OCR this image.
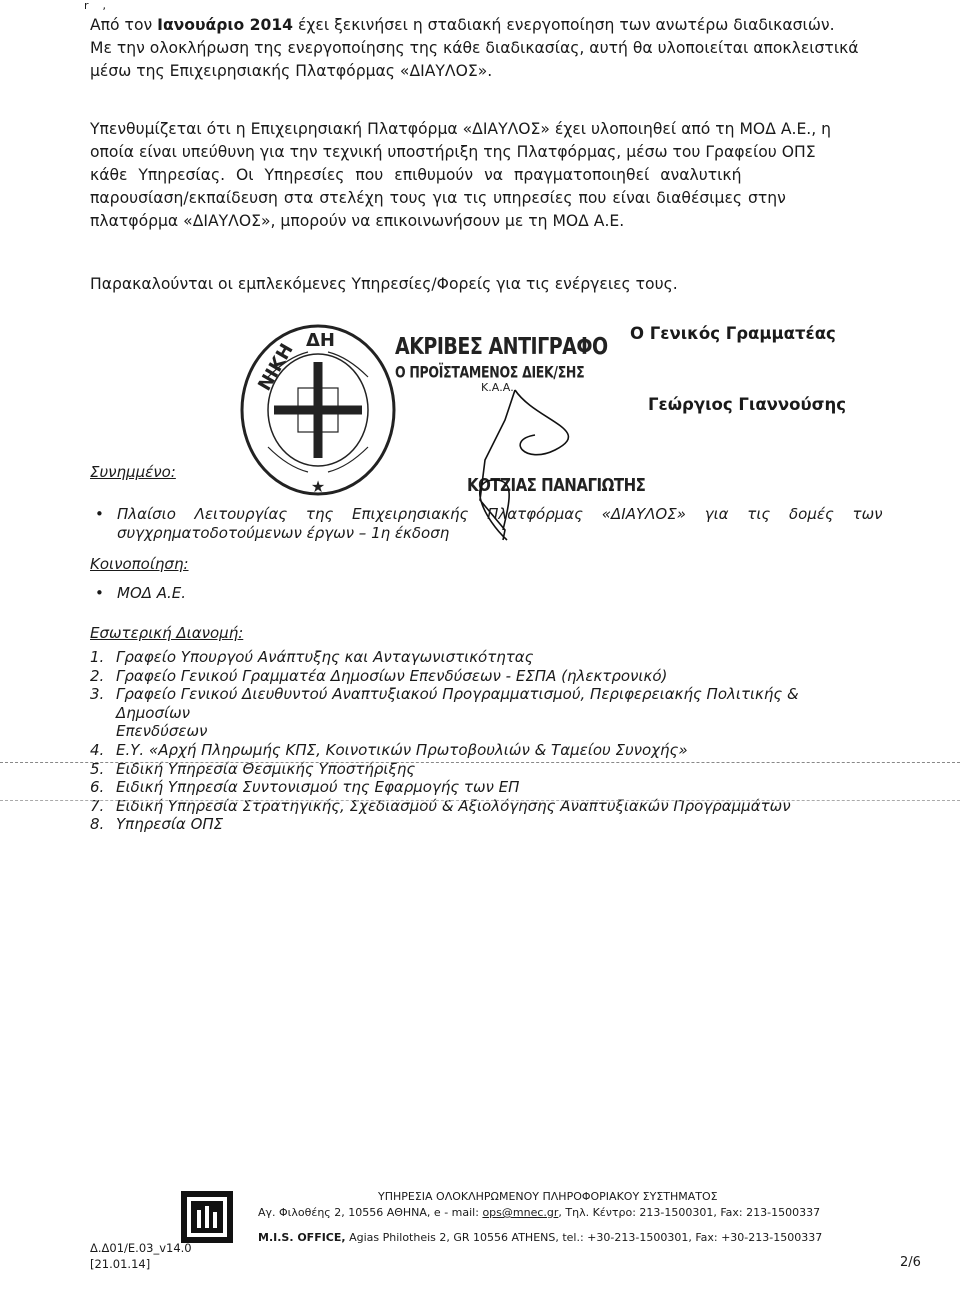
r    ,
Από τον Ιανουάριο 2014 έχει ξεκινήσει η σταδιακή ενεργοποίηση των ανωτέρω διαδικασιών.
Με την ολοκλήρωση της ενεργοποίησης της κάθε διαδικασίας, αυτή θα υλοποιείται αποκλειστικά
μέσω της Επιχειρησιακής Πλατφόρμας «ΔΙΑΥΛΟΣ».
Υπενθυμίζεται ότι η Επιχειρησιακή Πλατφόρμα «ΔΙΑΥΛΟΣ» έχει υλοποιηθεί από τη ΜΟΔ Α.Ε., η
οποία είναι υπεύθυνη για την τεχνική υποστήριξη της Πλατφόρμας, μέσω του Γραφείου ΟΠΣ
κάθε Υπηρεσίας. Οι Υπηρεσίες που επιθυμούν να πραγματοποιηθεί αναλυτική
παρουσίαση/εκπαίδευση στα στελέχη τους για τις υπηρεσίες που είναι διαθέσιμες στην
πλατφόρμα «ΔΙΑΥΛΟΣ», μπορούν να επικοινωνήσουν με τη ΜΟΔ Α.Ε.
Παρακαλούνται οι εμπλεκόμενες Υπηρεσίες/Φορείς για τις ενέργειες τους.
★
ΝΙΚΗ ΔΗ	ΑΚΡΙΒΕΣ ΑΝΤΙΓΡΑΦΟ
Ο ΠΡΟΪΣΤΑΜΕΝΟΣ ΔΙΕΚ/ΣΗΣ
Κ.Α.Α.
ΚΟΤΖΙΑΣ ΠΑΝΑΓΙΩΤΗΣ
Ο Γενικός Γραμματέας
Γεώργιος Γιαννούσης
Συνημμένο:
• Πλαίσιο Λειτουργίας της Επιχειρησιακής Πλατφόρμας «ΔΙΑΥΛΟΣ» για τις δομές των
συγχρηματοδοτούμενων έργων – 1η έκδοση
Κοινοποίηση:
• ΜΟΔ Α.Ε.
Εσωτερική Διανομή:
1. Γραφείο Υπουργού Ανάπτυξης και Ανταγωνιστικότητας
2. Γραφείο Γενικού Γραμματέα Δημοσίων Επενδύσεων - ΕΣΠΑ (ηλεκτρονικό)
3. Γραφείο Γενικού Διευθυντού Αναπτυξιακού Προγραμματισμού, Περιφερειακής Πολιτικής & Δημοσίων
Επενδύσεων
4. Ε.Υ. «Αρχή Πληρωμής ΚΠΣ, Κοινοτικών Πρωτοβουλιών & Ταμείου Συνοχής»
5. Ειδική Υπηρεσία Θεσμικής Υποστήριξης
6. Ειδική Υπηρεσία Συντονισμού της Εφαρμογής των ΕΠ
7. Ειδική Υπηρεσία Στρατηγικής, Σχεδιασμού & Αξιολόγησης Αναπτυξιακών Προγραμμάτων
8. Υπηρεσία ΟΠΣ
ΥΠΗΡΕΣΙΑ ΟΛΟΚΛΗΡΩΜΕΝΟΥ ΠΛΗΡΟΦΟΡΙΑΚΟΥ ΣΥΣΤΗΜΑΤΟΣ
Αγ. Φιλοθέης 2, 10556 ΑΘΗΝΑ, e - mail: ops@mnec.gr, Τηλ. Κέντρο: 213-1500301, Fax: 213-1500337
M.I.S. OFFICE, Agias Philotheis 2, GR 10556 ATHENS, tel.: +30-213-1500301, Fax: +30-213-1500337
Δ.Δ01/Ε.03_v14.0
[21.01.14]	2/6
